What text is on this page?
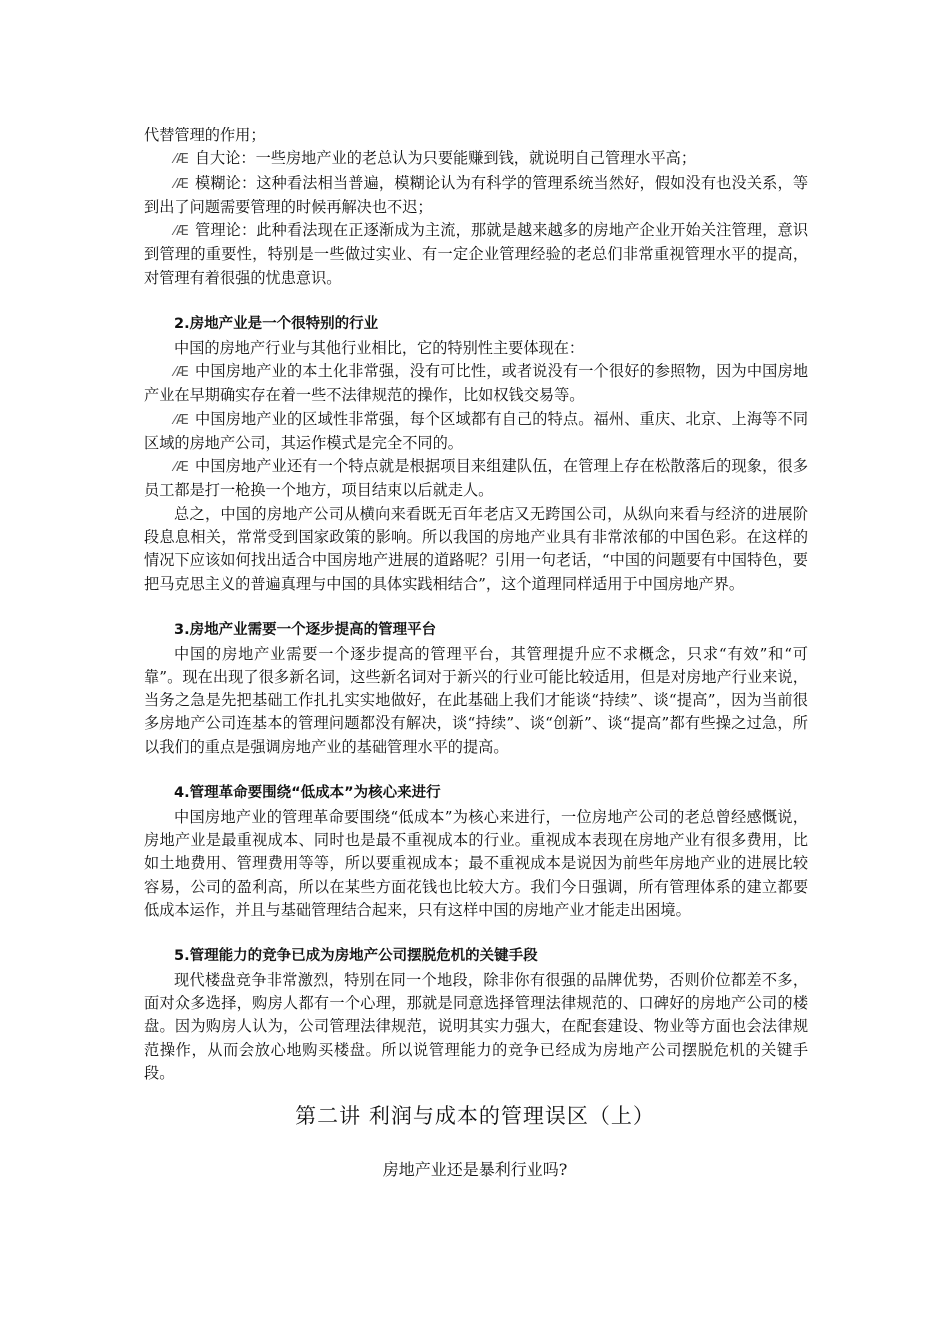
代替管理的作用；

⁄Æ 自大论：一些房地产业的老总认为只要能赚到钱，就说明自己管理水平高；

⁄Æ 模糊论：这种看法相当普遍，模糊论认为有科学的管理系统当然好，假如没有也没关系，等到出了问题需要管理的时候再解决也不迟；

⁄Æ 管理论：此种看法现在正逐渐成为主流，那就是越来越多的房地产企业开始关注管理，意识到管理的重要性，特别是一些做过实业、有一定企业管理经验的老总们非常重视管理水平的提高，对管理有着很强的忧患意识。

2.房地产业是一个很特别的行业

中国的房地产行业与其他行业相比，它的特别性主要体现在：

⁄Æ 中国房地产业的本土化非常强，没有可比性，或者说没有一个很好的参照物，因为中国房地产业在早期确实存在着一些不法律规范的操作，比如权钱交易等。

⁄Æ 中国房地产业的区域性非常强，每个区域都有自己的特点。福州、重庆、北京、上海等不同区域的房地产公司，其运作模式是完全不同的。

⁄Æ 中国房地产业还有一个特点就是根据项目来组建队伍，在管理上存在松散落后的现象，很多员工都是打一枪换一个地方，项目结束以后就走人。

总之，中国的房地产公司从横向来看既无百年老店又无跨国公司，从纵向来看与经济的进展阶段息息相关，常常受到国家政策的影响。所以我国的房地产业具有非常浓郁的中国色彩。在这样的情况下应该如何找出适合中国房地产进展的道路呢？引用一句老话，“中国的问题要有中国特色，要把马克思主义的普遍真理与中国的具体实践相结合”，这个道理同样适用于中国房地产界。

3.房地产业需要一个逐步提高的管理平台

中国的房地产业需要一个逐步提高的管理平台，其管理提升应不求概念，只求“有效”和“可靠”。现在出现了很多新名词，这些新名词对于新兴的行业可能比较适用，但是对房地产行业来说，当务之急是先把基础工作扎扎实实地做好，在此基础上我们才能谈“持续”、谈“提高”，因为当前很多房地产公司连基本的管理问题都没有解决，谈“持续”、谈“创新”、谈“提高”都有些操之过急，所以我们的重点是强调房地产业的基础管理水平的提高。

4.管理革命要围绕“低成本”为核心来进行

中国房地产业的管理革命要围绕“低成本”为核心来进行，一位房地产公司的老总曾经感慨说，房地产业是最重视成本、同时也是最不重视成本的行业。重视成本表现在房地产业有很多费用，比如土地费用、管理费用等等，所以要重视成本；最不重视成本是说因为前些年房地产业的进展比较容易，公司的盈利高，所以在某些方面花钱也比较大方。我们今日强调，所有管理体系的建立都要低成本运作，并且与基础管理结合起来，只有这样中国的房地产业才能走出困境。

5.管理能力的竞争已成为房地产公司摆脱危机的关键手段

现代楼盘竞争非常激烈，特别在同一个地段，除非你有很强的品牌优势，否则价位都差不多，面对众多选择，购房人都有一个心理，那就是同意选择管理法律规范的、口碑好的房地产公司的楼盘。因为购房人认为，公司管理法律规范，说明其实力强大，在配套建设、物业等方面也会法律规范操作，从而会放心地购买楼盘。所以说管理能力的竞争已经成为房地产公司摆脱危机的关键手段。

第二讲 利润与成本的管理误区（上）

房地产业还是暴利行业吗?
